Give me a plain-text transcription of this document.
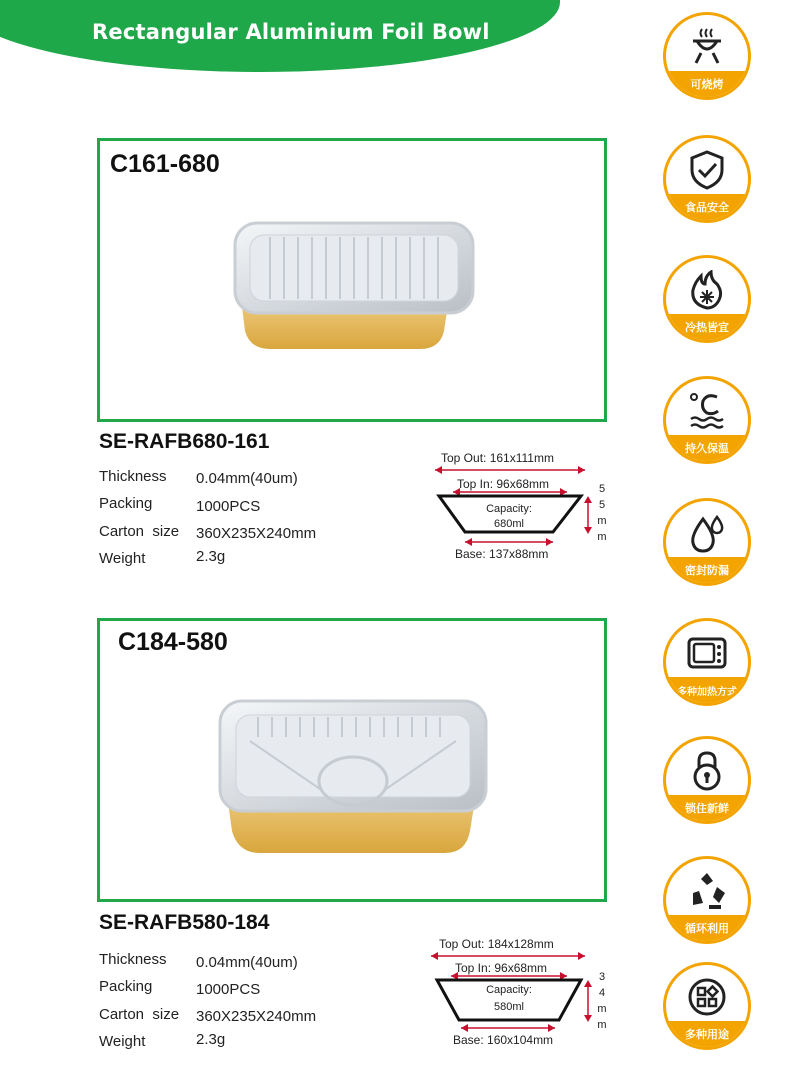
Rectangular Aluminium Foil Bowl
C161-680
SE-RAFB680-161
Thickness 0.04mm(40um)
Packing	1000PCS
Carton  size 360X235X240mm
Weight	2.3g
Top Out: 161x111mm
Top In: 96x68mm
Capacity:
680ml
Base: 137x88mm
5
5
m
m
C184-580
SE-RAFB580-184
Thickness 0.04mm(40um)
Packing	1000PCS
Carton  size 360X235X240mm
Weight	2.3g
Top Out: 184x128mm
Top In: 96x68mm
Capacity:
580ml
Base: 160x104mm
3
4
m
m
可烧烤
食品安全
冷热皆宜
持久保温
密封防漏
多种加热方式
锁住新鲜
循环利用
多种用途
